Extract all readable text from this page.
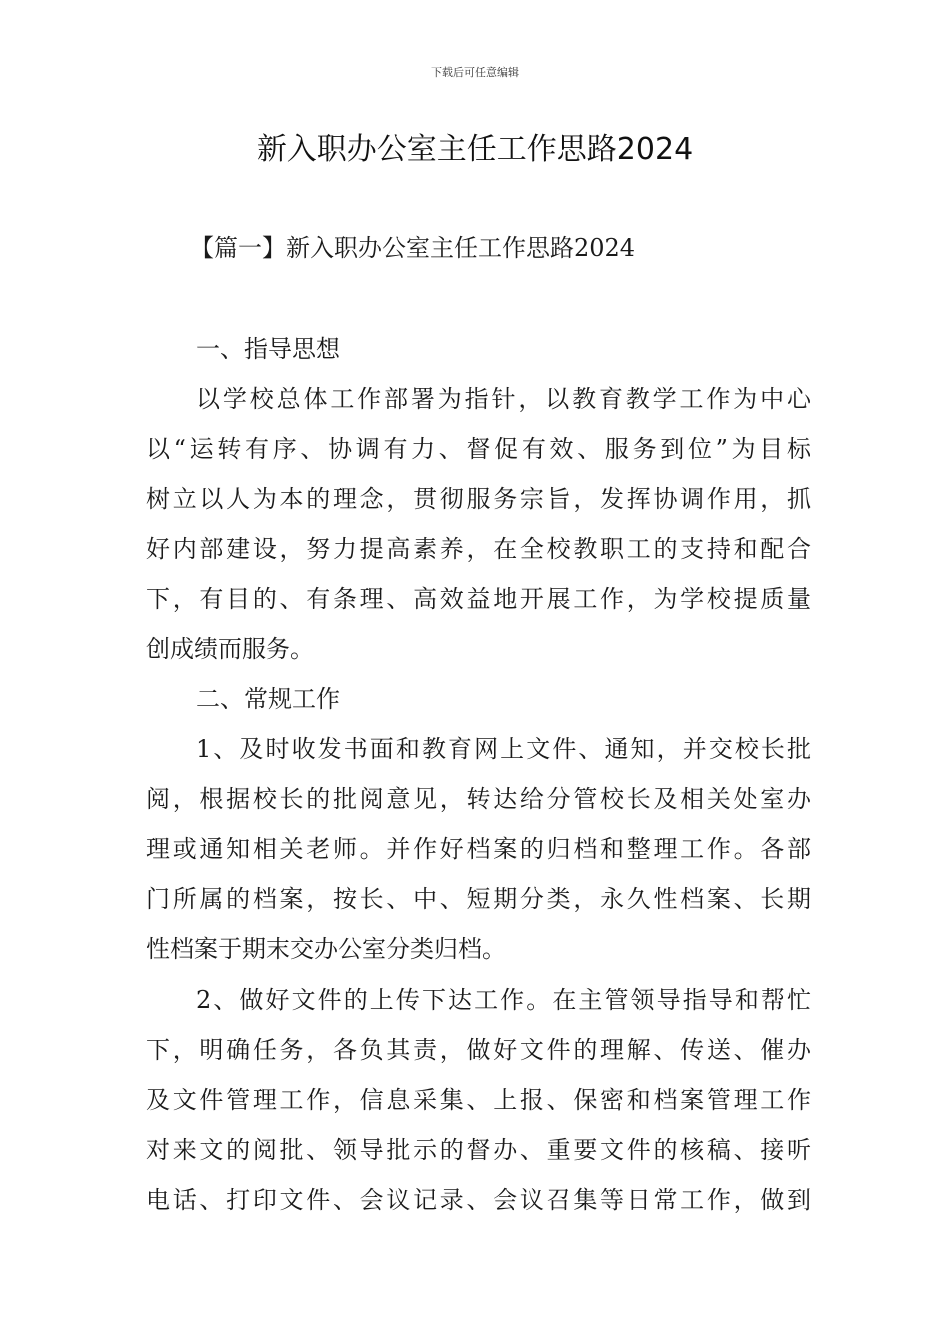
下载后可任意编辑
新入职办公室主任工作思路2024
【篇一】新入职办公室主任工作思路2024
一、指导思想
以学校总体工作部署为指针，以教育教学工作为中心
以“运转有序、协调有力、督促有效、服务到位”为目标
树立以人为本的理念，贯彻服务宗旨，发挥协调作用，抓
好内部建设，努力提高素养，在全校教职工的支持和配合
下，有目的、有条理、高效益地开展工作，为学校提质量
创成绩而服务。
二、常规工作
1、及时收发书面和教育网上文件、通知，并交校长批
阅，根据校长的批阅意见，转达给分管校长及相关处室办
理或通知相关老师。并作好档案的归档和整理工作。各部
门所属的档案，按长、中、短期分类，永久性档案、长期
性档案于期末交办公室分类归档。
2、做好文件的上传下达工作。在主管领导指导和帮忙
下，明确任务，各负其责，做好文件的理解、传送、催办
及文件管理工作，信息采集、上报、保密和档案管理工作
对来文的阅批、领导批示的督办、重要文件的核稿、接听
电话、打印文件、会议记录、会议召集等日常工作，做到
